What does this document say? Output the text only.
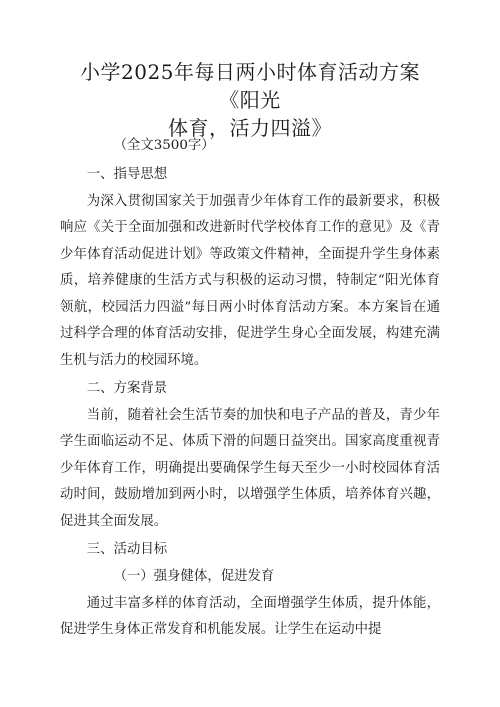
小学2025年每日两小时体育活动方案《阳光
体育，活力四溢》

（全文3500字）

一、指导思想

为深入贯彻国家关于加强青少年体育工作的最新要求，积极响应《关于全面加强和改进新时代学校体育工作的意见》及《青少年体育活动促进计划》等政策文件精神，全面提升学生身体素质，培养健康的生活方式与积极的运动习惯，特制定“阳光体育领航，校园活力四溢”每日两小时体育活动方案。本方案旨在通过科学合理的体育活动安排，促进学生身心全面发展，构建充满生机与活力的校园环境。

二、方案背景

当前，随着社会生活节奏的加快和电子产品的普及，青少年学生面临运动不足、体质下滑的问题日益突出。国家高度重视青少年体育工作，明确提出要确保学生每天至少一小时校园体育活动时间，鼓励增加到两小时，以增强学生体质，培养体育兴趣，促进其全面发展。

三、活动目标

（一）强身健体，促进发育

通过丰富多样的体育活动，全面增强学生体质，提升体能，促进学生身体正常发育和机能发展。让学生在运动中提
